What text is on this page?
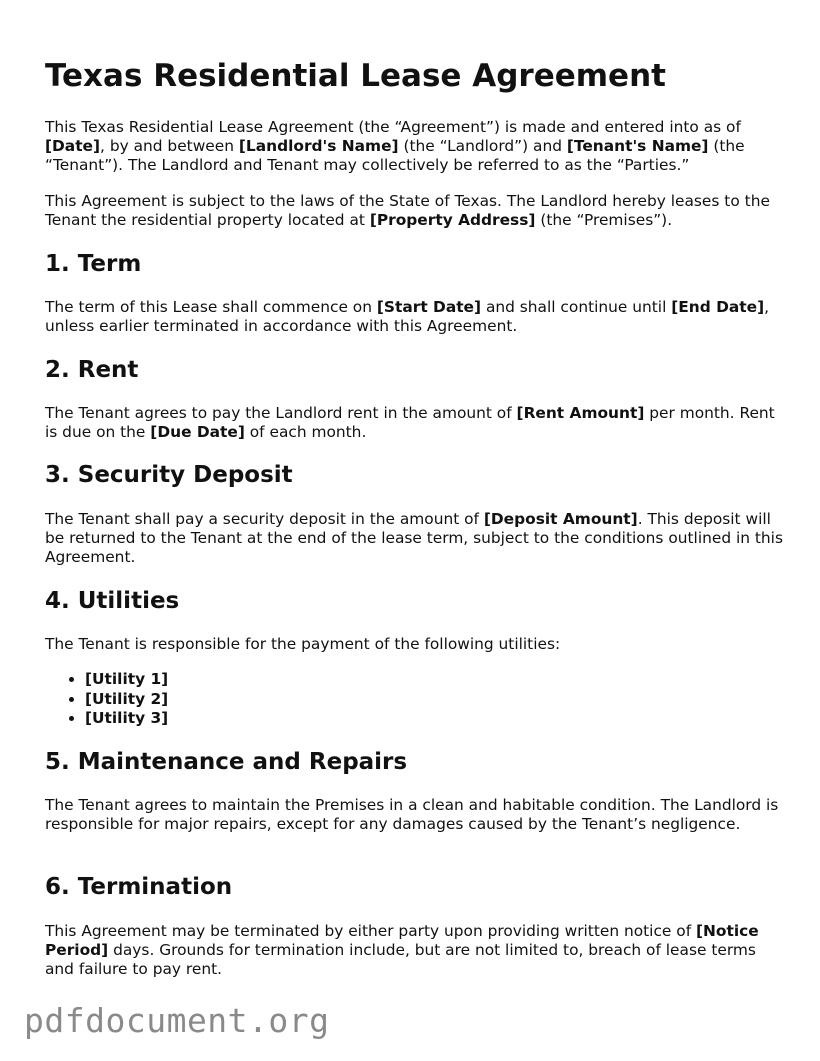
Texas Residential Lease Agreement

This Texas Residential Lease Agreement (the “Agreement”) is made and entered into as of [Date], by and between [Landlord's Name] (the “Landlord”) and [Tenant's Name] (the “Tenant”). The Landlord and Tenant may collectively be referred to as the “Parties.”

This Agreement is subject to the laws of the State of Texas. The Landlord hereby leases to the Tenant the residential property located at [Property Address] (the “Premises”).

1. Term

The term of this Lease shall commence on [Start Date] and shall continue until [End Date], unless earlier terminated in accordance with this Agreement.

2. Rent

The Tenant agrees to pay the Landlord rent in the amount of [Rent Amount] per month. Rent is due on the [Due Date] of each month.

3. Security Deposit

The Tenant shall pay a security deposit in the amount of [Deposit Amount]. This deposit will be returned to the Tenant at the end of the lease term, subject to the conditions outlined in this Agreement.

4. Utilities

The Tenant is responsible for the payment of the following utilities:

• [Utility 1]
• [Utility 2]
• [Utility 3]
5. Maintenance and Repairs

The Tenant agrees to maintain the Premises in a clean and habitable condition. The Landlord is responsible for major repairs, except for any damages caused by the Tenant’s negligence.

6. Termination

This Agreement may be terminated by either party upon providing written notice of [Notice Period] days. Grounds for termination include, but are not limited to, breach of lease terms and failure to pay rent.

pdfdocument.org
